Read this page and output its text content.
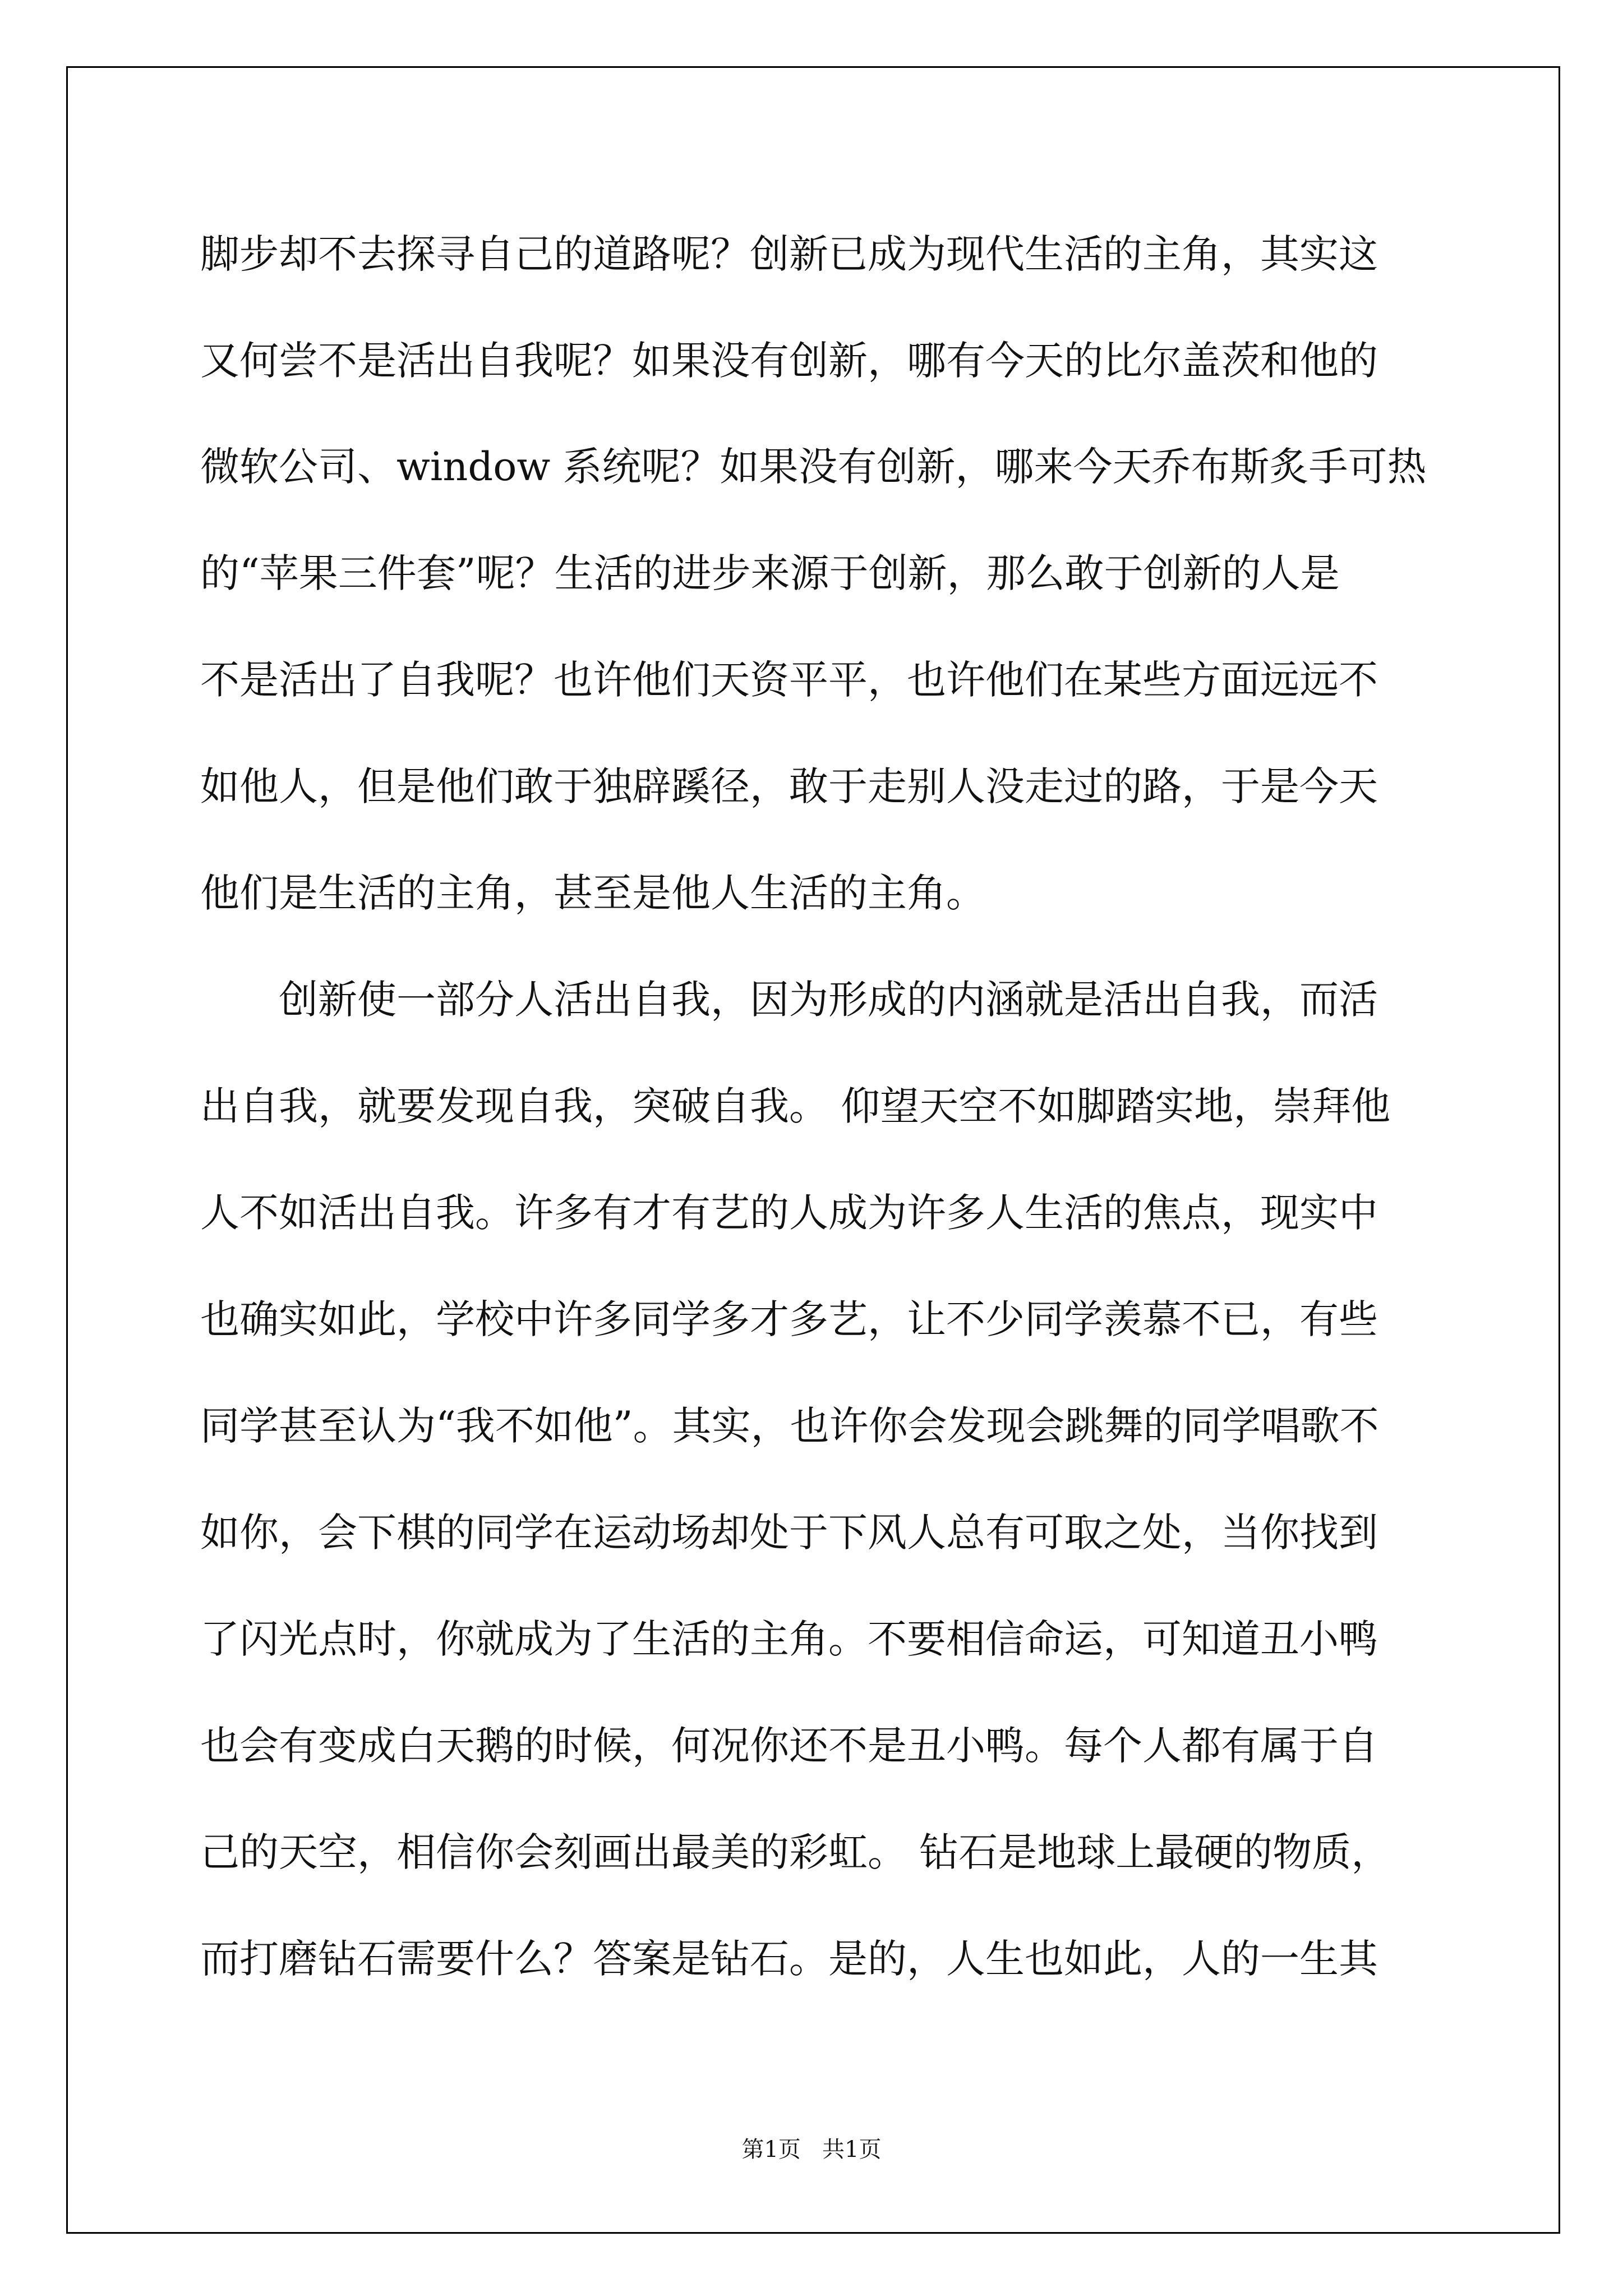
脚步却不去探寻自己的道路呢？创新已成为现代生活的主角，其实这

又何尝不是活出自我呢？如果没有创新，哪有今天的比尔盖茨和他的

微软公司、window 系统呢？如果没有创新，哪来今天乔布斯炙手可热

的“苹果三件套”呢？生活的进步来源于创新，那么敢于创新的人是

不是活出了自我呢？也许他们天资平平，也许他们在某些方面远远不

如他人，但是他们敢于独辟蹊径，敢于走别人没走过的路，于是今天

他们是生活的主角，甚至是他人生活的主角。

　　创新使一部分人活出自我，因为形成的内涵就是活出自我，而活

出自我，就要发现自我，突破自我。 仰望天空不如脚踏实地，崇拜他

人不如活出自我。许多有才有艺的人成为许多人生活的焦点，现实中

也确实如此，学校中许多同学多才多艺，让不少同学羡慕不已，有些

同学甚至认为“我不如他”。其实，也许你会发现会跳舞的同学唱歌不

如你，会下棋的同学在运动场却处于下风人总有可取之处，当你找到

了闪光点时，你就成为了生活的主角。不要相信命运，可知道丑小鸭

也会有变成白天鹅的时候，何况你还不是丑小鸭。每个人都有属于自

己的天空，相信你会刻画出最美的彩虹。 钻石是地球上最硬的物质，

而打磨钻石需要什么？答案是钻石。是的，人生也如此，人的一生其

第1页   共1页
